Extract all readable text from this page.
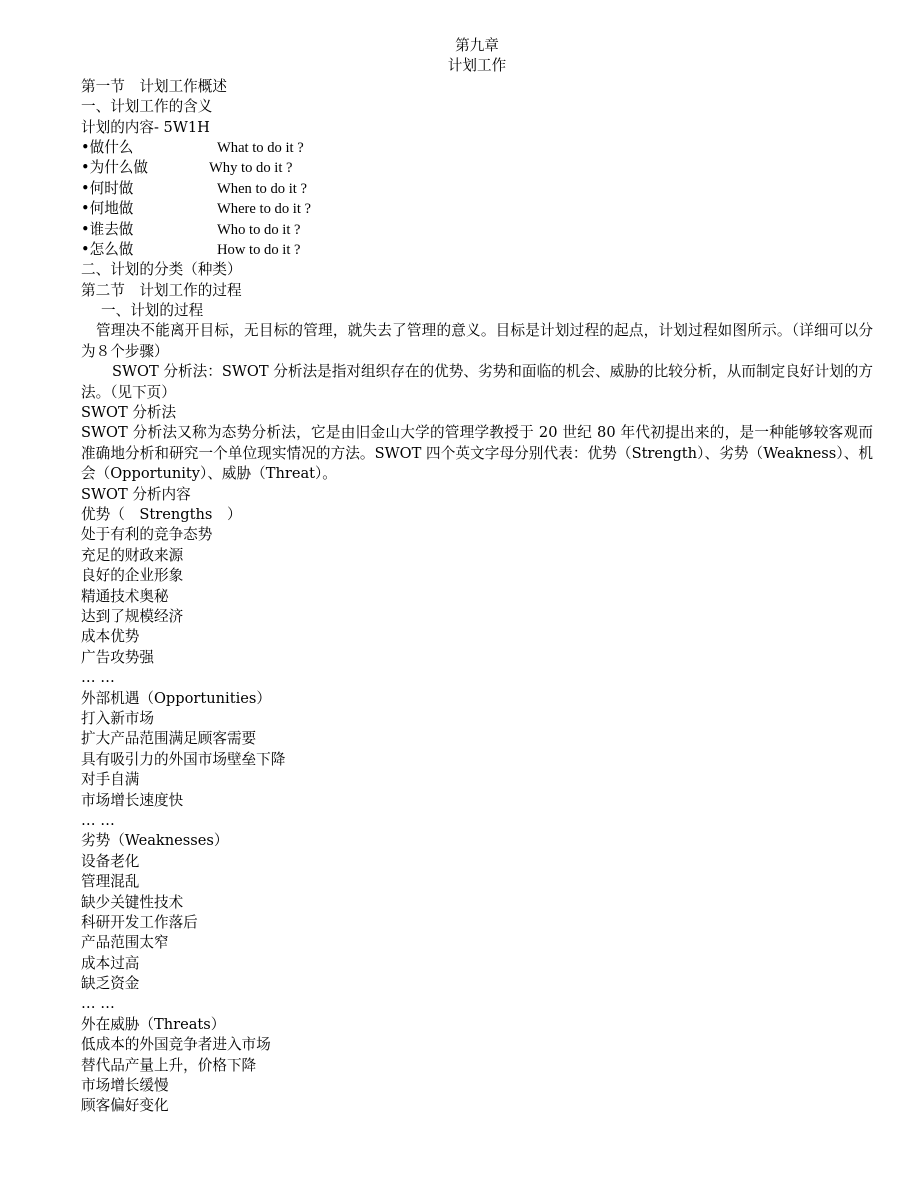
第九章
计划工作
第一节　计划工作概述
一、计划工作的含义
计划的内容- 5W1H
•做什么	What to do it ?
•为什么做	Why to do it ?
•何时做	When to do it ?
•何地做	Where to do it ?
•谁去做	Who to do it ?
•怎么做	How to do it ?
二、计划的分类（种类）
第二节　计划工作的过程
一、计划的过程
管理决不能离开目标，无目标的管理，就失去了管理的意义。目标是计划过程的起点，计划过程如图所示。（详细可以分为８个步骤）
SWOT 分析法：SWOT 分析法是指对组织存在的优势、劣势和面临的机会、威胁的比较分析，从而制定良好计划的方法。（见下页）
SWOT 分析法
SWOT 分析法又称为态势分析法，它是由旧金山大学的管理学教授于 20 世纪 80 年代初提出来的，是一种能够较客观而准确地分析和研究一个单位现实情况的方法。SWOT 四个英文字母分别代表：优势（Strength）、劣势（Weakness）、机会（Opportunity）、威胁（Threat）。
SWOT 分析内容
优势（　Strengths　）
处于有利的竞争态势
充足的财政来源
良好的企业形象
精通技术奥秘
达到了规模经济
成本优势
广告攻势强
… …
外部机遇（Opportunities）
打入新市场
扩大产品范围满足顾客需要
具有吸引力的外国市场壁垒下降
对手自满
市场增长速度快
… …
劣势（Weaknesses）
设备老化
管理混乱
缺少关键性技术
科研开发工作落后
产品范围太窄
成本过高
缺乏资金
… …
外在威胁（Threats）
低成本的外国竞争者进入市场
替代品产量上升，价格下降
市场增长缓慢
顾客偏好变化
